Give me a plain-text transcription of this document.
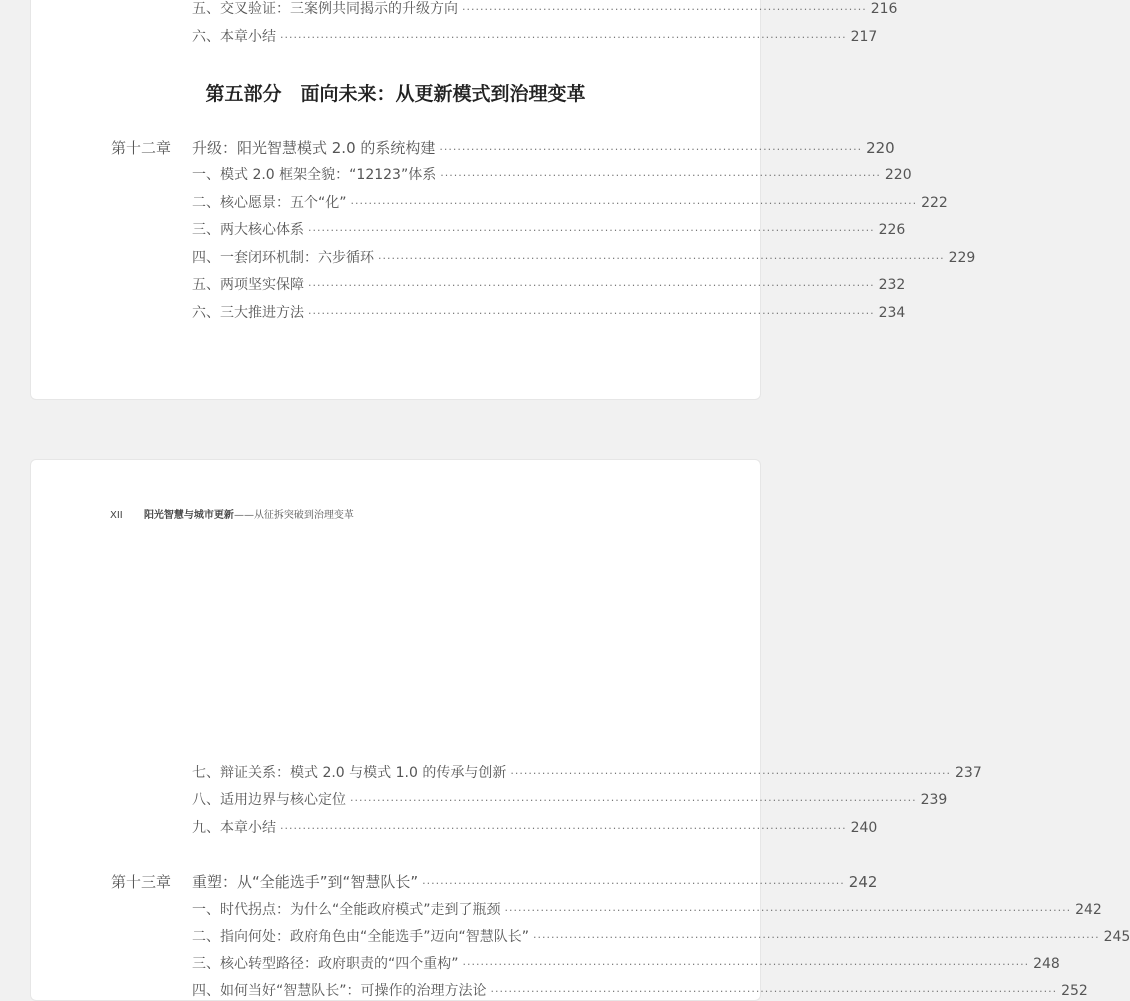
五、交叉验证：三案例共同揭示的升级方向 ·························································································· 216
六、本章小结 ······························································································································ 217
第五部分　面向未来：从更新模式到治理变革
第十二章	升级：阳光智慧模式 2.0 的系统构建 ······························································································ 220
一、模式 2.0 框架全貌：“12123”体系 ·································································································· 220
二、核心愿景：五个“化” ······························································································································ 222
三、两大核心体系 ······························································································································ 226
四、一套闭环机制：六步循环 ······························································································································ 229
五、两项坚实保障 ······························································································································ 232
六、三大推进方法 ······························································································································ 234
XII 阳光智慧与城市更新——从征拆突破到治理变革
七、辩证关系：模式 2.0 与模式 1.0 的传承与创新 ·································································································· 237
八、适用边界与核心定位 ······························································································································ 239
九、本章小结 ······························································································································ 240
第十三章	重塑：从“全能选手”到“智慧队长” ······························································································ 242
一、时代拐点：为什么“全能政府模式”走到了瓶颈 ······························································································································ 242
二、指向何处：政府角色由“全能选手”迈向“智慧队长” ······························································································································ 245
三、核心转型路径：政府职责的“四个重构” ······························································································································ 248
四、如何当好“智慧队长”：可操作的治理方法论 ······························································································································ 252
